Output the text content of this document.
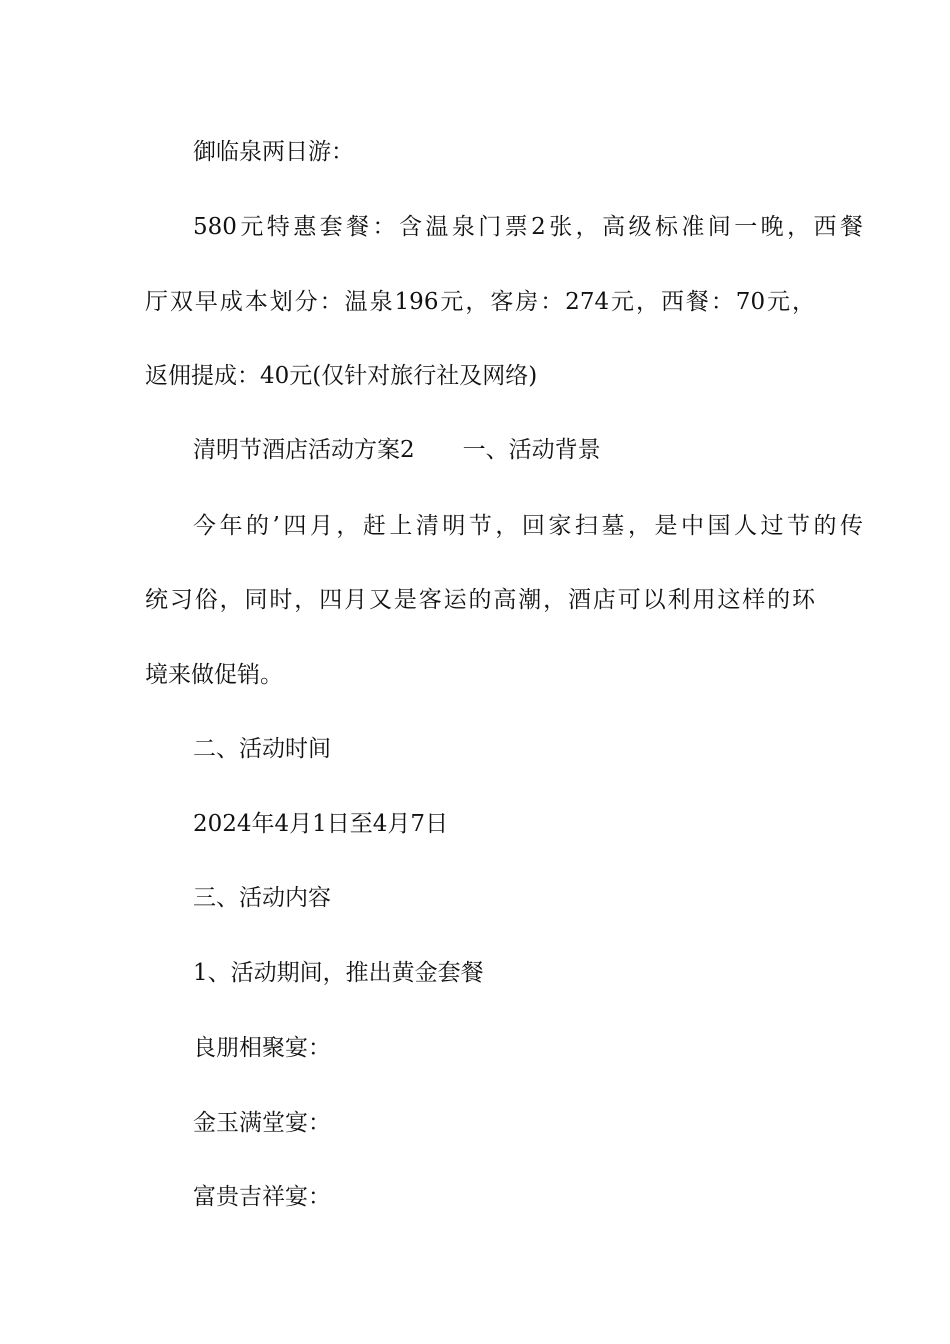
御临泉两日游：
580元特惠套餐：含温泉门票2张，高级标准间一晚，西餐
厅双早成本划分：温泉196元，客房：274元，西餐：70元，
返佣提成：40元(仅针对旅行社及网络)
清明节酒店活动方案2 一、活动背景
今年的’四月，赶上清明节，回家扫墓，是中国人过节的传
统习俗，同时，四月又是客运的高潮，酒店可以利用这样的环
境来做促销。
二、活动时间
2024年4月1日至4月7日
三、活动内容
1、活动期间，推出黄金套餐
良朋相聚宴：
金玉满堂宴：
富贵吉祥宴：
